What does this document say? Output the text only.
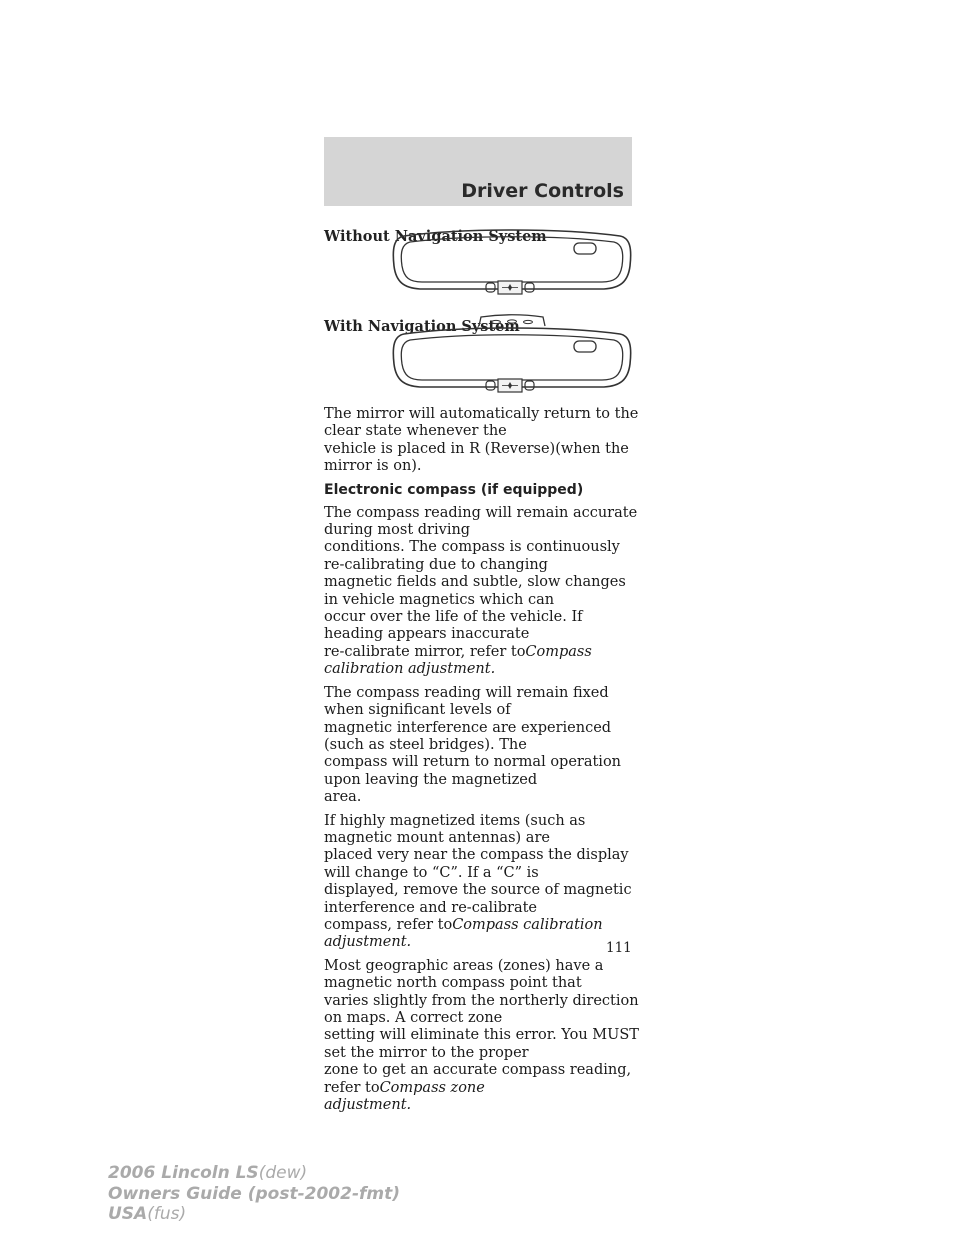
Driver Controls

Without Navigation System

With Navigation System

The mirror will automatically return to the clear state whenever the
vehicle is placed in R (Reverse)(when the mirror is on).

Electronic compass (if equipped)

The compass reading will remain accurate during most driving
conditions. The compass is continuously re-calibrating due to changing
magnetic fields and subtle, slow changes in vehicle magnetics which can
occur over the life of the vehicle. If heading appears inaccurate
re-calibrate mirror, refer toCompass calibration adjustment.

The compass reading will remain fixed when significant levels of
magnetic interference are experienced (such as steel bridges). The
compass will return to normal operation upon leaving the magnetized
area.

If highly magnetized items (such as magnetic mount antennas) are
placed very near the compass the display will change to “C”. If a “C” is
displayed, remove the source of magnetic interference and re-calibrate
compass, refer toCompass calibration adjustment.

Most geographic areas (zones) have a magnetic north compass point that
varies slightly from the northerly direction on maps. A correct zone
setting will eliminate this error. You MUST set the mirror to the proper
zone to get an accurate compass reading, refer toCompass zone
adjustment.

111

2006 Lincoln LS(dew)
Owners Guide (post-2002-fmt)
USA(fus)
